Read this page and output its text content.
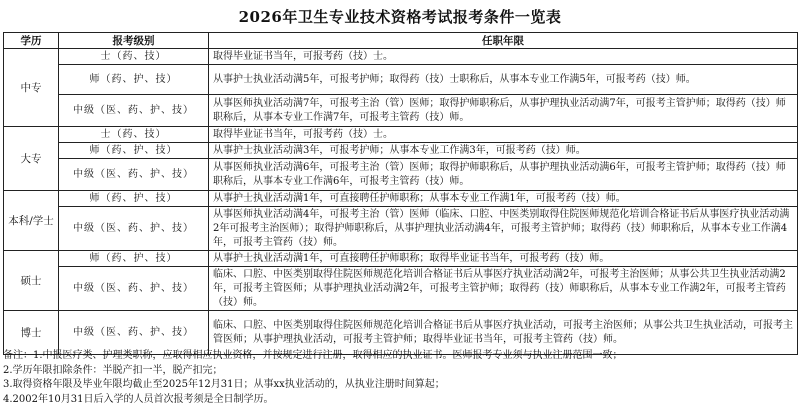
2026年卫生专业技术资格考试报考条件一览表
学历	报考级别	任职年限
中专	士（药、技）	取得毕业证书当年，可报考药（技）士。
	师（药、护、技）	从事护士执业活动满5年，可报考护师；取得药（技）士职称后，从事本专业工作满5年，可报考药（技）师。
	中级（医、药、护、技）	从事医师执业活动满7年，可报考主治（管）医师；取得护师职称后，从事护理执业活动满7年，可报考主管护师；取得药（技）师职称后，从事本专业工作满7年，可报考主管药（技）师。
大专	士（药、技）	取得毕业证书当年，可报考药（技）士。
	师（药、护、技）	从事护士执业活动满3年，可报考护师；从事本专业工作满3年，可报考药（技）师。
	中级（医、药、护、技）	从事医师执业活动满6年，可报考主治（管）医师；取得护师职称后，从事护理执业活动满6年，可报考主管护师；取得药（技）师职称后，从事本专业工作满6年，可报考主管药（技）师。
本科/学士	师（药、护、技）	从事护士执业活动满1年，可直接聘任护师职称；从事本专业工作满1年，可报考药（技）师。
	中级（医、药、护、技）	从事医师执业活动满4年，可报考主治（管）医师（临床、口腔、中医类别取得住院医师规范化培训合格证书后从事医疗执业活动满2年可报考主治医师）；取得护师职称后，从事护理执业活动满4年，可报考主管护师；取得药（技）师职称后，从事本专业工作满4年，可报考主管药（技）师。
硕士	师（药、护、技）	从事护士执业活动满1年，可直接聘任护师职称；取得毕业证书当年，可报考药（技）师。
	中级（医、药、护、技）	临床、口腔、中医类别取得住院医师规范化培训合格证书后从事医疗执业活动满2年，可报考主治医师；从事公共卫生执业活动满2年，可报考主管医师；从事护理执业活动满2年，可报考主管护师；取得药（技）师职称后，从事本专业工作满2年，可报考主管药（技）师。
博士	中级（医、药、护、技）	临床、口腔、中医类别取得住院医师规范化培训合格证书后从事医疗执业活动，可报考主治医师；从事公共卫生执业活动，可报考主管医师；从事护理执业活动，可报考主管护师；取得毕业证书当年，可报考主管药（技）师。
备注：1.中报医疗类、护理类职称，应取得相应执业资格，并按规定进行注册，取得相应的执业证书。医师报考专业须与执业注册范围一致；
2.学历年限扣除条件：半脱产扣一半，脱产扣完；
3.取得资格年限及毕业年限均截止至2025年12月31日；从事xx执业活动的，从执业注册时间算起；
4.2002年10月31日后入学的人员首次报考须是全日制学历。
